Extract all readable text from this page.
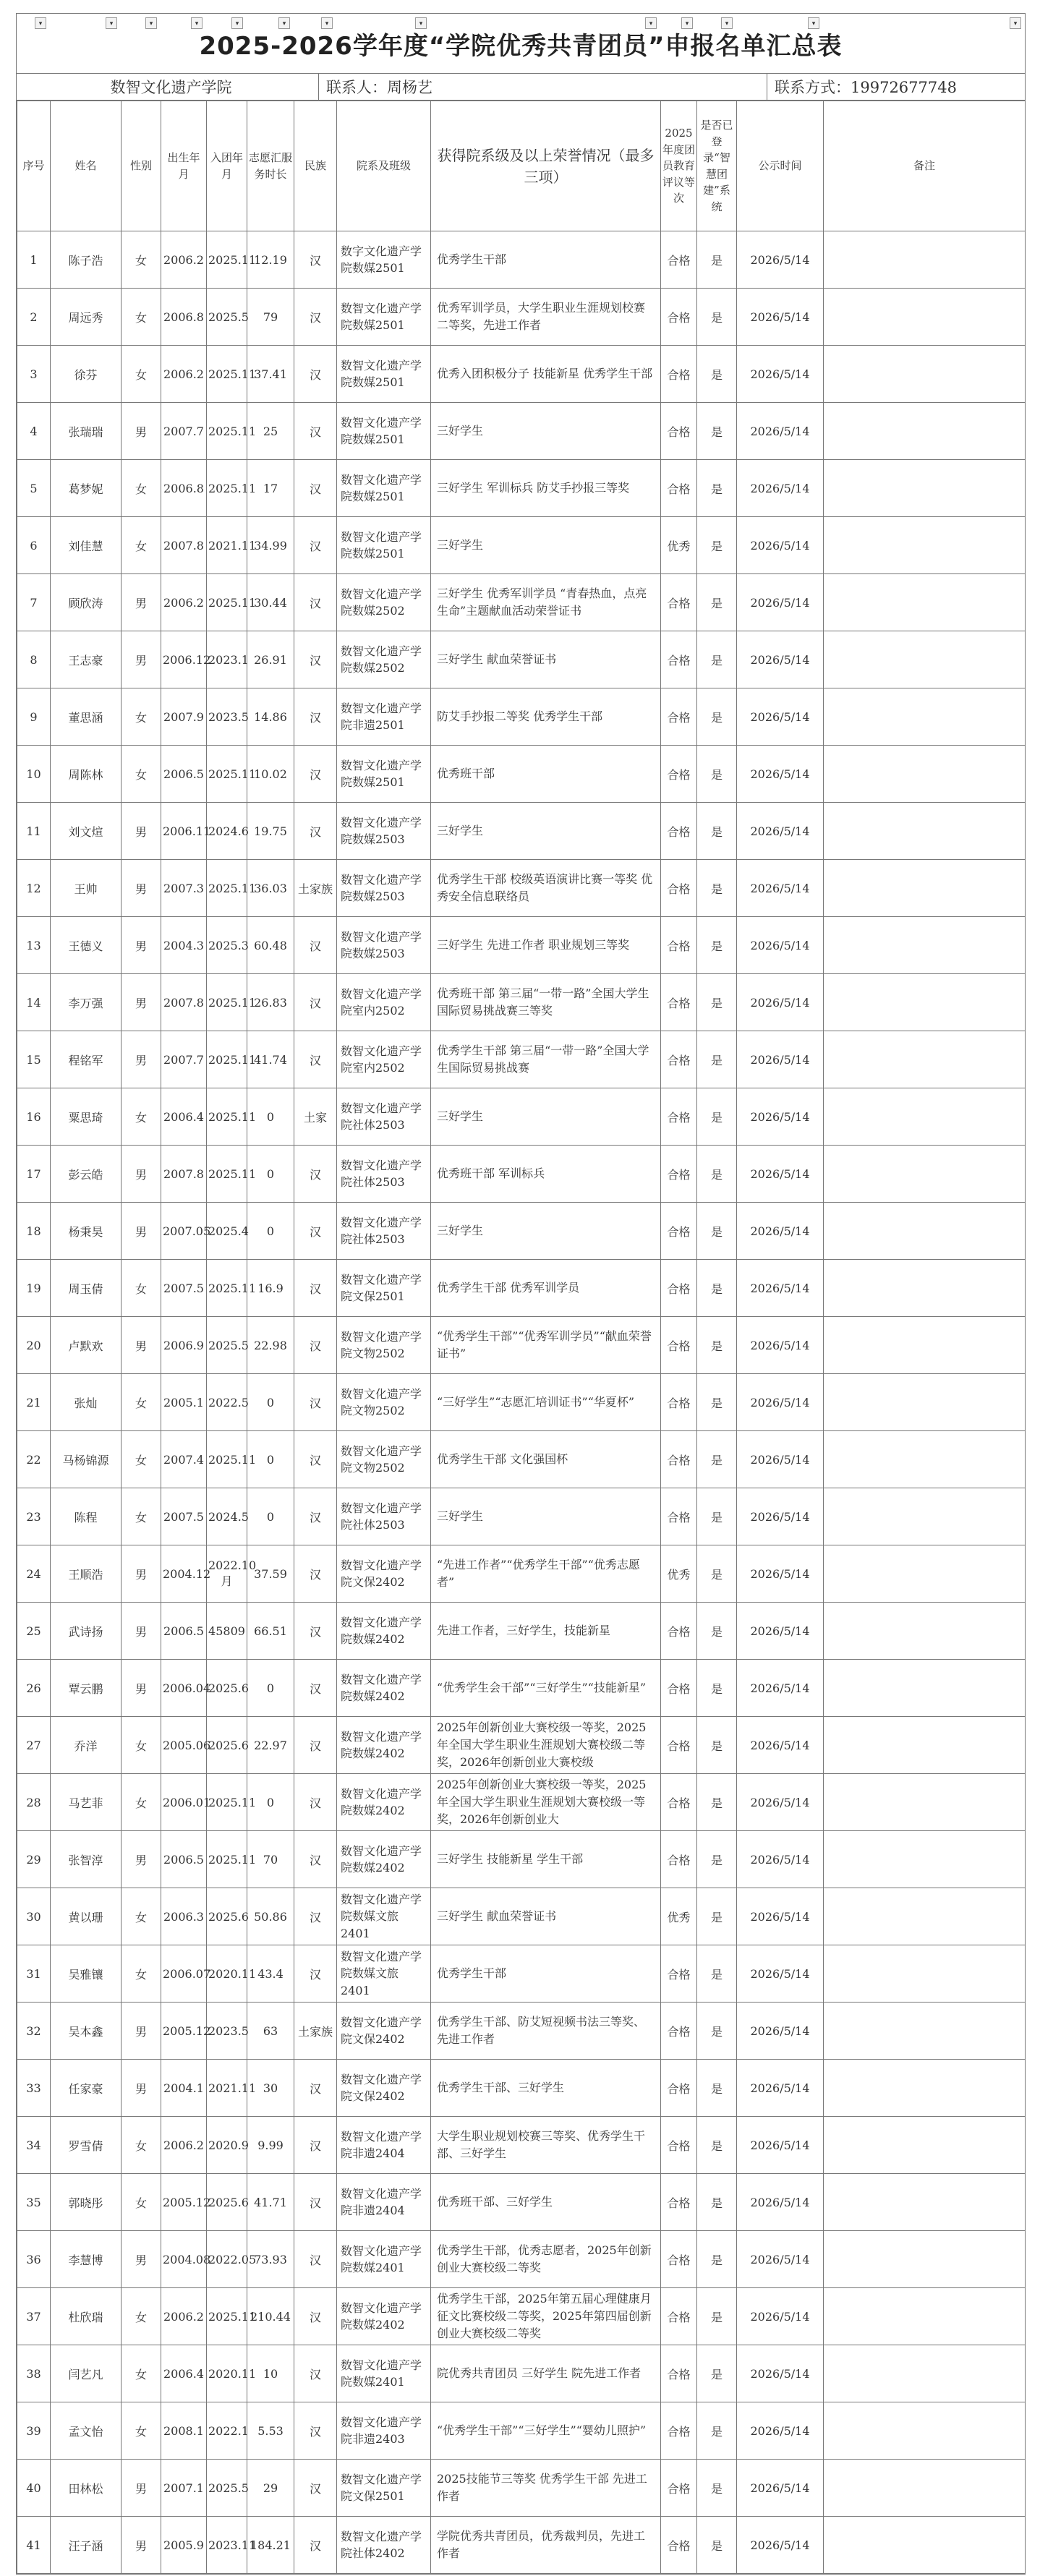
2025-2026学年度“学院优秀共青团员”申报名单汇总表
数智文化遗产学院	联系人：周杨艺	联系方式：19972677748
序号	姓名	性别	出生年月	入团年月	志愿汇服务时长	民族	院系及班级	获得院系级及以上荣誉情况（最多三项）	2025年度团员教育评议等次	是否已登录“智慧团建”系统	公示时间	备注
1	陈子浩	女	2006.2	2025.11	12.19	汉	数字文化遗产学院数媒2501	优秀学生干部	合格	是	2026/5/14	
2	周远秀	女	2006.8	2025.5	79	汉	数智文化遗产学院数媒2501	优秀军训学员，大学生职业生涯规划校赛二等奖，先进工作者	合格	是	2026/5/14	
3	徐芬	女	2006.2	2025.11	37.41	汉	数智文化遗产学院数媒2501	优秀入团积极分子 技能新星 优秀学生干部	合格	是	2026/5/14	
4	张瑞瑞	男	2007.7	2025.11	25	汉	数智文化遗产学院数媒2501	三好学生	合格	是	2026/5/14	
5	葛梦妮	女	2006.8	2025.11	17	汉	数智文化遗产学院数媒2501	三好学生 军训标兵 防艾手抄报三等奖	合格	是	2026/5/14	
6	刘佳慧	女	2007.8	2021.11	34.99	汉	数智文化遗产学院数媒2501	三好学生	优秀	是	2026/5/14	
7	顾欣涛	男	2006.2	2025.11	30.44	汉	数智文化遗产学院数媒2502	三好学生 优秀军训学员 “青春热血，点亮生命”主题献血活动荣誉证书	合格	是	2026/5/14	
8	王志豪	男	2006.12	2023.1	26.91	汉	数智文化遗产学院数媒2502	三好学生 献血荣誉证书	合格	是	2026/5/14	
9	董思涵	女	2007.9	2023.5	14.86	汉	数智文化遗产学院非遗2501	防艾手抄报二等奖 优秀学生干部	合格	是	2026/5/14	
10	周陈林	女	2006.5	2025.11	10.02	汉	数智文化遗产学院数媒2501	优秀班干部	合格	是	2026/5/14	
11	刘文煊	男	2006.11	2024.6	19.75	汉	数智文化遗产学院数媒2503	三好学生	合格	是	2026/5/14	
12	王帅	男	2007.3	2025.11	36.03	土家族	数智文化遗产学院数媒2503	优秀学生干部 校级英语演讲比赛一等奖 优秀安全信息联络员	合格	是	2026/5/14	
13	王德义	男	2004.3	2025.3	60.48	汉	数智文化遗产学院数媒2503	三好学生 先进工作者 职业规划三等奖	合格	是	2026/5/14	
14	李万强	男	2007.8	2025.11	26.83	汉	数智文化遗产学院室内2502	优秀班干部 第三届“一带一路”全国大学生国际贸易挑战赛三等奖	合格	是	2026/5/14	
15	程铭军	男	2007.7	2025.11	41.74	汉	数智文化遗产学院室内2502	优秀学生干部 第三届“一带一路”全国大学生国际贸易挑战赛	合格	是	2026/5/14	
16	粟思琦	女	2006.4	2025.11	0	土家	数智文化遗产学院社体2503	三好学生	合格	是	2026/5/14	
17	彭云皓	男	2007.8	2025.11	0	汉	数智文化遗产学院社体2503	优秀班干部 军训标兵	合格	是	2026/5/14	
18	杨秉昊	男	2007.05	2025.4	0	汉	数智文化遗产学院社体2503	三好学生	合格	是	2026/5/14	
19	周玉倩	女	2007.5	2025.11	16.9	汉	数智文化遗产学院文保2501	优秀学生干部 优秀军训学员	合格	是	2026/5/14	
20	卢默欢	男	2006.9	2025.5	22.98	汉	数智文化遗产学院文物2502	“优秀学生干部”“优秀军训学员”“献血荣誉证书”	合格	是	2026/5/14	
21	张灿	女	2005.1	2022.5	0	汉	数智文化遗产学院文物2502	“三好学生”“志愿汇培训证书”“华夏杯”	合格	是	2026/5/14	
22	马杨锦源	女	2007.4	2025.11	0	汉	数智文化遗产学院文物2502	优秀学生干部 文化强国杯	合格	是	2026/5/14	
23	陈程	女	2007.5	2024.5	0	汉	数智文化遗产学院社体2503	三好学生	合格	是	2026/5/14	
24	王顺浩	男	2004.12	2022.10月	37.59	汉	数智文化遗产学院文保2402	“先进工作者”“优秀学生干部”“优秀志愿者”	优秀	是	2026/5/14	
25	武诗扬	男	2006.5	45809	66.51	汉	数智文化遗产学院数媒2402	先进工作者，三好学生，技能新星	合格	是	2026/5/14	
26	覃云鹏	男	2006.04	2025.6	0	汉	数智文化遗产学院数媒2402	“优秀学生会干部”“三好学生”“技能新星”	合格	是	2026/5/14	
27	乔洋	女	2005.06	2025.6	22.97	汉	数智文化遗产学院数媒2402	2025年创新创业大赛校级一等奖，2025年全国大学生职业生涯规划大赛校级二等奖，2026年创新创业大赛校级	合格	是	2026/5/14	
28	马艺菲	女	2006.01	2025.11	0	汉	数智文化遗产学院数媒2402	2025年创新创业大赛校级一等奖，2025年全国大学生职业生涯规划大赛校级一等奖，2026年创新创业大	合格	是	2026/5/14	
29	张智淳	男	2006.5	2025.11	70	汉	数智文化遗产学院数媒2402	三好学生 技能新星 学生干部	合格	是	2026/5/14	
30	黄以珊	女	2006.3	2025.6	50.86	汉	数智文化遗产学院数媒文旅2401	三好学生 献血荣誉证书	优秀	是	2026/5/14	
31	吴雅镶	女	2006.07	2020.11	43.4	汉	数智文化遗产学院数媒文旅2401	优秀学生干部	合格	是	2026/5/14	
32	吴本鑫	男	2005.12	2023.5	63	土家族	数智文化遗产学院文保2402	优秀学生干部、防艾短视频书法三等奖、先进工作者	合格	是	2026/5/14	
33	任家豪	男	2004.1	2021.11	30	汉	数智文化遗产学院文保2402	优秀学生干部、三好学生	合格	是	2026/5/14	
34	罗雪倩	女	2006.2	2020.9	9.99	汉	数智文化遗产学院非遗2404	大学生职业规划校赛三等奖、优秀学生干部、三好学生	合格	是	2026/5/14	
35	郭晓彤	女	2005.12	2025.6	41.71	汉	数智文化遗产学院非遗2404	优秀班干部、三好学生	合格	是	2026/5/14	
36	李慧博	男	2004.08	2022.05	73.93	汉	数智文化遗产学院数媒2401	优秀学生干部，优秀志愿者，2025年创新创业大赛校级二等奖	合格	是	2026/5/14	
37	杜欣瑞	女	2006.2	2025.11	210.44	汉	数智文化遗产学院数媒2402	优秀学生干部，2025年第五届心理健康月征文比赛校级二等奖，2025年第四届创新创业大赛校级二等奖	合格	是	2026/5/14	
38	闫艺凡	女	2006.4	2020.11	10	汉	数智文化遗产学院数媒2401	院优秀共青团员 三好学生 院先进工作者	合格	是	2026/5/14	
39	孟文怡	女	2008.1	2022.1	5.53	汉	数智文化遗产学院非遗2403	“优秀学生干部”“三好学生”“婴幼儿照护”	合格	是	2026/5/14	
40	田林松	男	2007.1	2025.5	29	汉	数智文化遗产学院文保2501	2025技能节三等奖 优秀学生干部 先进工作者	合格	是	2026/5/14	
41	汪子涵	男	2005.9	2023.11	184.21	汉	数智文化遗产学院社体2402	学院优秀共青团员，优秀裁判员，先进工作者	合格	是	2026/5/14	
▾	▾	▾	▾	▾	▾	▾	▾	▾	▾	▾	▾	▾
